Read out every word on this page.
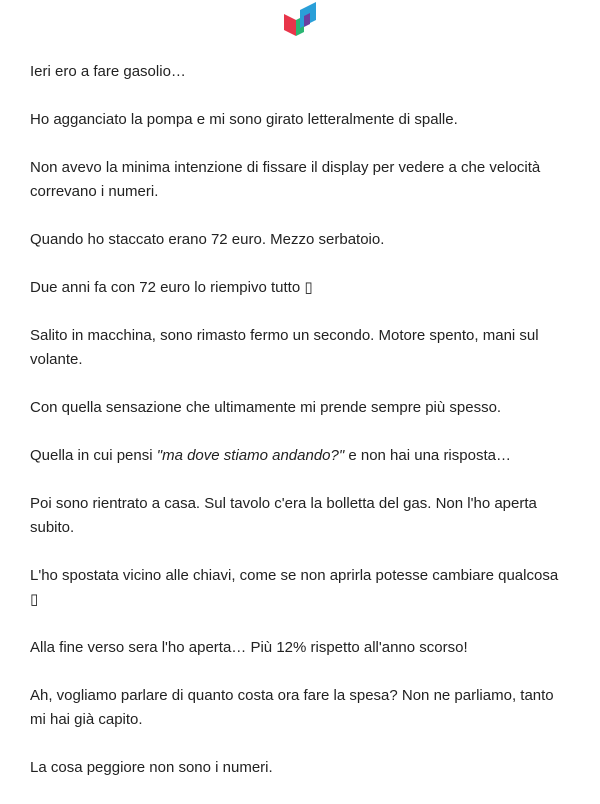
Ieri ero a fare gasolio…

Ho agganciato la pompa e mi sono girato letteralmente di spalle.

Non avevo la minima intenzione di fissare il display per vedere a che velocità correvano i numeri.

Quando ho staccato erano 72 euro. Mezzo serbatoio.

Due anni fa con 72 euro lo riempivo tutto ▯

Salito in macchina, sono rimasto fermo un secondo. Motore spento, mani sul volante.

Con quella sensazione che ultimamente mi prende sempre più spesso.

Quella in cui pensi "ma dove stiamo andando?" e non hai una risposta…

Poi sono rientrato a casa. Sul tavolo c'era la bolletta del gas. Non l'ho aperta subito.

L'ho spostata vicino alle chiavi, come se non aprirla potesse cambiare qualcosa ▯

Alla fine verso sera l'ho aperta… Più 12% rispetto all'anno scorso!

Ah, vogliamo parlare di quanto costa ora fare la spesa? Non ne parliamo, tanto mi hai già capito.

La cosa peggiore non sono i numeri.
